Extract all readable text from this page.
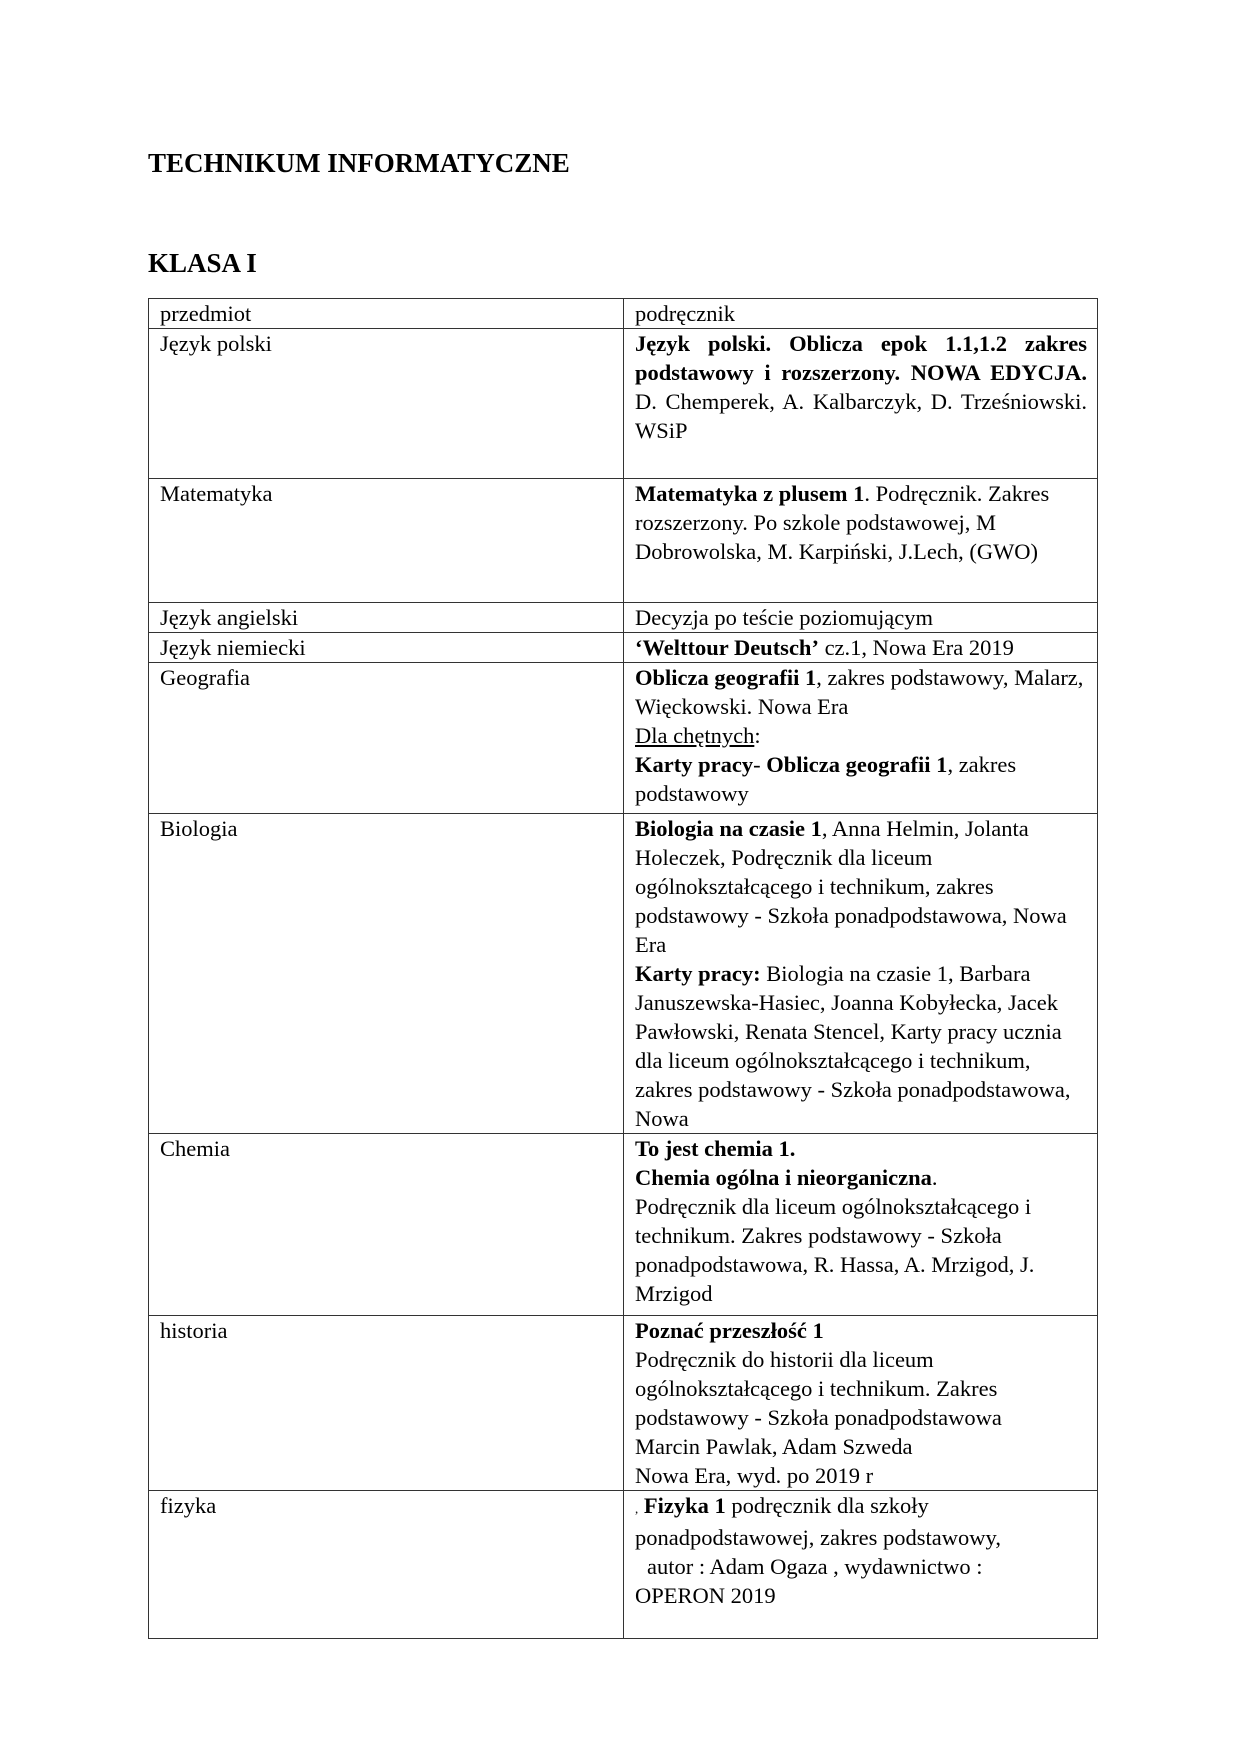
TECHNIKUM INFORMATYCZNE
KLASA I
przedmiot	podręcznik
Język polski	Język polski. Oblicza epok 1.1,1.2 zakres podstawowy i rozszerzony. NOWA EDYCJA. D. Chemperek, A. Kalbarczyk, D. Trześniowski. WSiP
Matematyka	Matematyka z plusem 1. Podręcznik. Zakres rozszerzony. Po szkole podstawowej, M Dobrowolska, M. Karpiński, J.Lech, (GWO)
Język angielski	Decyzja po teście poziomującym
Język niemiecki	‘Welttour Deutsch’ cz.1, Nowa Era 2019
Geografia	Oblicza geografii 1, zakres podstawowy, Malarz, Więckowski. Nowa Era
Dla chętnych:
Karty pracy- Oblicza geografii 1, zakres podstawowy
Biologia	Biologia na czasie 1, Anna Helmin, Jolanta Holeczek, Podręcznik dla liceum ogólnokształcącego i technikum, zakres podstawowy - Szkoła ponadpodstawowa, Nowa Era
Karty pracy: Biologia na czasie 1, Barbara Januszewska-Hasiec, Joanna Kobyłecka, Jacek Pawłowski, Renata Stencel, Karty pracy ucznia dla liceum ogólnokształcącego i technikum, zakres podstawowy - Szkoła ponadpodstawowa, Nowa
Chemia	To jest chemia 1.
Chemia ogólna i nieorganiczna.
Podręcznik dla liceum ogólnokształcącego i technikum. Zakres podstawowy - Szkoła ponadpodstawowa, R. Hassa, A. Mrzigod, J. Mrzigod
historia	Poznać przeszłość 1
Podręcznik do historii dla liceum ogólnokształcącego i technikum. Zakres podstawowy - Szkoła ponadpodstawowa
Marcin Pawlak, Adam Szweda
Nowa Era, wyd. po 2019 r
fizyka	, Fizyka 1 podręcznik dla szkoły ponadpodstawowej, zakres podstawowy,
autor : Adam Ogaza , wydawnictwo :
OPERON 2019
